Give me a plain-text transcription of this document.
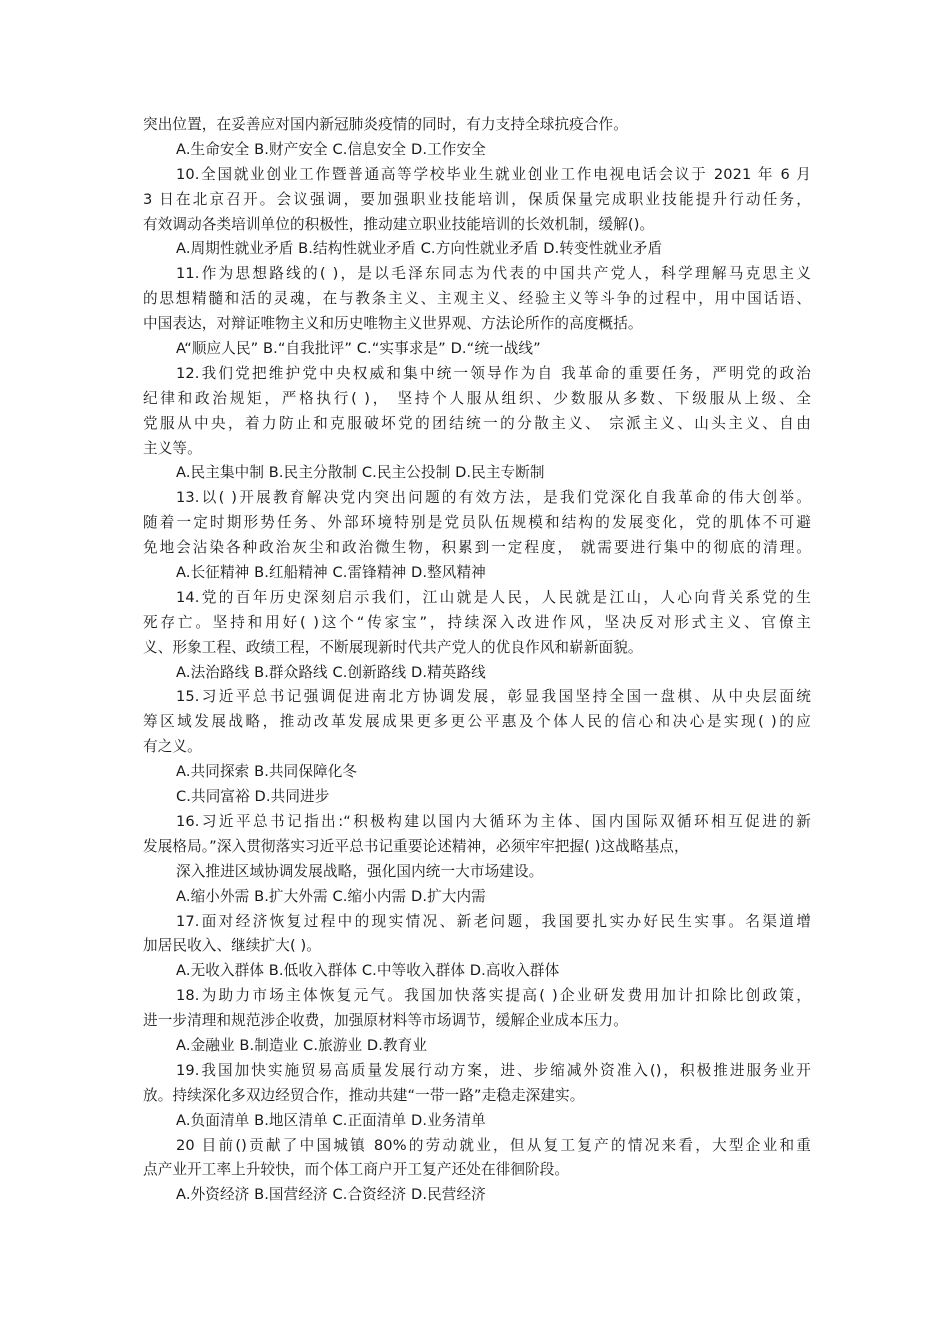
突出位置，在妥善应对国内新冠肺炎疫情的同时，有力支持全球抗疫合作。
A.生命安全 B.财产安全 C.信息安全 D.工作安全
10.全国就业创业工作暨普通高等学校毕业生就业创业工作电视电话会议于 2021 年 6 月
3 日在北京召开。会议强调，要加强职业技能培训，保质保量完成职业技能提升行动任务，
有效调动各类培训单位的积极性，推动建立职业技能培训的长效机制，缓解()。
A.周期性就业矛盾 B.结构性就业矛盾 C.方向性就业矛盾 D.转变性就业矛盾
11.作为思想路线的( )，是以毛泽东同志为代表的中国共产党人，科学理解马克思主义
的思想精髓和活的灵魂，在与教条主义、主观主义、经验主义等斗争的过程中，用中国话语、
中国表达，对辩证唯物主义和历史唯物主义世界观、方法论所作的高度概括。
A“顺应人民” B.“自我批评” C.“实事求是” D.“统一战线”
12.我们党把维护党中央权威和集中统一领导作为自 我革命的重要任务，严明党的政治
纪律和政治规矩，严格执行( )， 坚持个人服从组织、少数服从多数、下级服从上级、全
党服从中央，着力防止和克服破坏党的团结统一的分散主义、 宗派主义、山头主义、自由
主义等。
A.民主集中制 B.民主分散制 C.民主公投制 D.民主专断制
13.以( )开展教育解决党内突出问题的有效方法，是我们党深化自我革命的伟大创举。
随着一定时期形势任务、外部环境特别是党员队伍规模和结构的发展变化，党的肌体不可避
免地会沾染各种政治灰尘和政治微生物，积累到一定程度， 就需要进行集中的彻底的清理。
A.长征精神 B.红船精神 C.雷锋精神 D.整风精神
14.党的百年历史深刻启示我们，江山就是人民，人民就是江山，人心向背关系党的生
死存亡。坚持和用好( )这个“传家宝”，持续深入改进作风，坚决反对形式主义、官僚主
义、形象工程、政绩工程，不断展现新时代共产党人的优良作风和崭新面貌。
A.法治路线 B.群众路线 C.创新路线 D.精英路线
15.习近平总书记强调促进南北方协调发展，彰显我国坚持全国一盘棋、从中央层面统
筹区域发展战略，推动改革发展成果更多更公平惠及个体人民的信心和决心是实现( )的应
有之义。
A.共同探索 B.共同保障化冬
C.共同富裕 D.共同进步
16.习近平总书记指出:“积极构建以国内大循环为主体、国内国际双循环相互促进的新
发展格局。”深入贯彻落实习近平总书记重要论述精神，必须牢牢把握( )这战略基点，
深入推进区域协调发展战略，强化国内统一大市场建设。
A.缩小外需 B.扩大外需 C.缩小内需 D.扩大内需
17.面对经济恢复过程中的现实情况、新老问题，我国要扎实办好民生实事。名渠道增
加居民收入、继续扩大( )。
A.无收入群体 B.低收入群体 C.中等收入群体 D.高收入群体
18.为助力市场主体恢复元气。我国加快落实提高( )企业研发费用加计扣除比创政策，
进一步清理和规范涉企收费，加强原材料等市场调节，缓解企业成本压力。
A.金融业 B.制造业 C.旅游业 D.教育业
19.我国加快实施贸易高质量发展行动方案，进、步缩减外资准入()，积极推进服务业开
放。持续深化多双边经贸合作，推动共建“一带一路”走稳走深建实。
A.负面清单 B.地区清单 C.正面清单 D.业务清单
20 目前()贡献了中国城镇 80%的劳动就业，但从复工复产的情况来看，大型企业和重
点产业开工率上升较快，而个体工商户开工复产还处在徘徊阶段。
A.外资经济 B.国营经济 C.合资经济 D.民营经济
